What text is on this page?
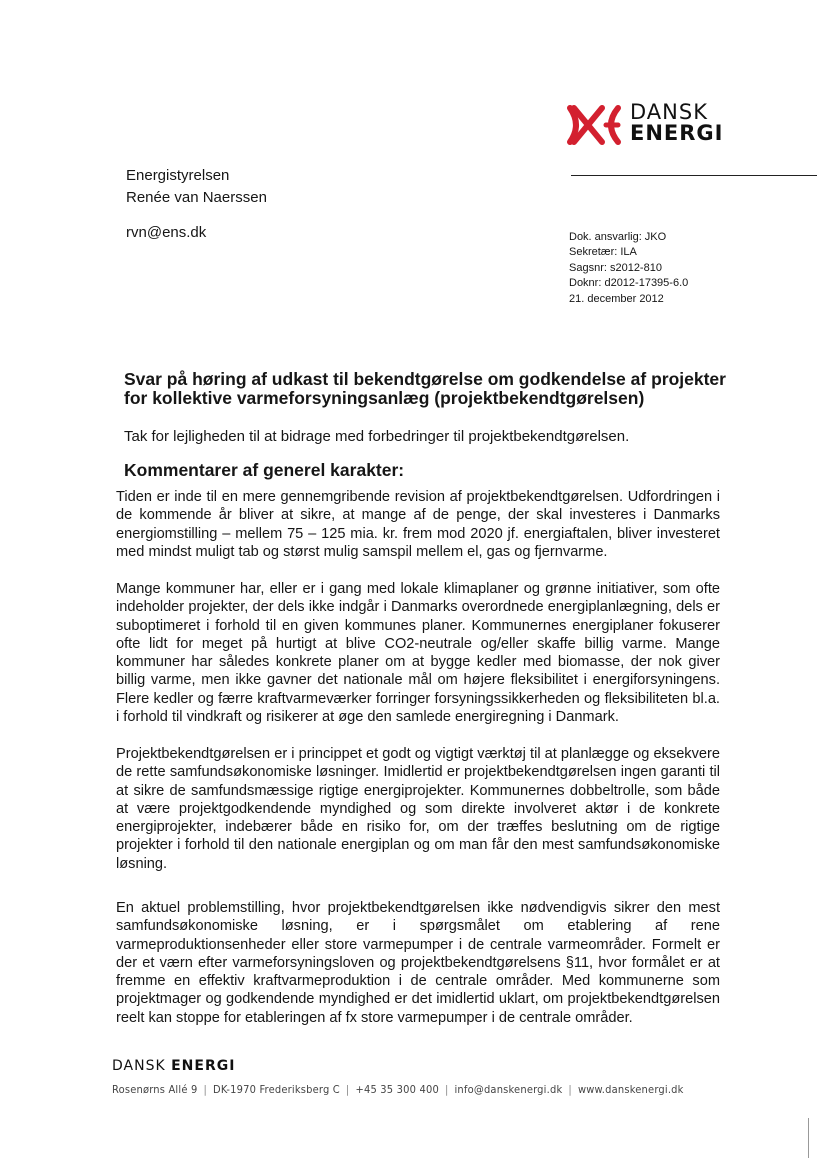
DANSK
ENERGI
Energistyrelsen
Renée van Naerssen
rvn@ens.dk	Dok. ansvarlig: JKO
Sekretær: ILA
Sagsnr: s2012-810
Doknr: d2012-17395-6.0
21. december 2012
Svar på høring af udkast til bekendtgørelse om godkendelse af projekter for kollektive varmeforsyningsanlæg (projektbekendtgørelsen)
Tak for lejligheden til at bidrage med forbedringer til projektbekendtgørelsen.
Kommentarer af generel karakter:
Tiden er inde til en mere gennemgribende revision af projektbekendtgørelsen. Udfordringen i de kommende år bliver at sikre, at mange af de penge, der skal investeres i Danmarks energiomstilling – mellem 75 – 125 mia. kr. frem mod 2020 jf. energiaftalen, bliver investeret med mindst muligt tab og størst mulig samspil mellem el, gas og fjernvarme.
Mange kommuner har, eller er i gang med lokale klimaplaner og grønne initiativer, som ofte indeholder projekter, der dels ikke indgår i Danmarks overordnede energiplanlægning, dels er suboptimeret i forhold til en given kommunes planer. Kommunernes energiplaner fokuserer ofte lidt for meget på hurtigt at blive CO2-neutrale og/eller skaffe billig varme. Mange kommuner har således konkrete planer om at bygge kedler med biomasse, der nok giver billig varme, men ikke gavner det nationale mål om højere fleksibilitet i energiforsyningens. Flere kedler og færre kraftvarmeværker forringer forsyningssikkerheden og fleksibiliteten bl.a. i forhold til vindkraft og risikerer at øge den samlede energiregning i Danmark.
Projektbekendtgørelsen er i princippet et godt og vigtigt værktøj til at planlægge og eksekvere de rette samfundsøkonomiske løsninger. Imidlertid er projektbekendtgørelsen ingen garanti til at sikre de samfundsmæssige rigtige energiprojekter. Kommunernes dobbeltrolle, som både at være projektgodkendende myndighed og som direkte involveret aktør i de konkrete energiprojekter, indebærer både en risiko for, om der træffes beslutning om de rigtige projekter i forhold til den nationale energiplan og om man får den mest samfundsøkonomiske løsning.
En aktuel problemstilling, hvor projektbekendtgørelsen ikke nødvendigvis sikrer den mest samfundsøkonomiske løsning, er i spørgsmålet om etablering af rene varmeproduktionsenheder eller store varmepumper i de centrale varmeområder. Formelt er der et værn efter varmeforsyningsloven og projektbekendtgørelsens §11, hvor formålet er at fremme en effektiv kraftvarmeproduktion i de centrale områder. Med kommunerne som projektmager og godkendende myndighed er det imidlertid uklart, om projektbekendtgørelsen reelt kan stoppe for etableringen af fx store varmepumper i de centrale områder.
DANSK ENERGI
Rosenørns Allé 9 | DK-1970 Frederiksberg C | +45 35 300 400 | info@danskenergi.dk | www.danskenergi.dk
